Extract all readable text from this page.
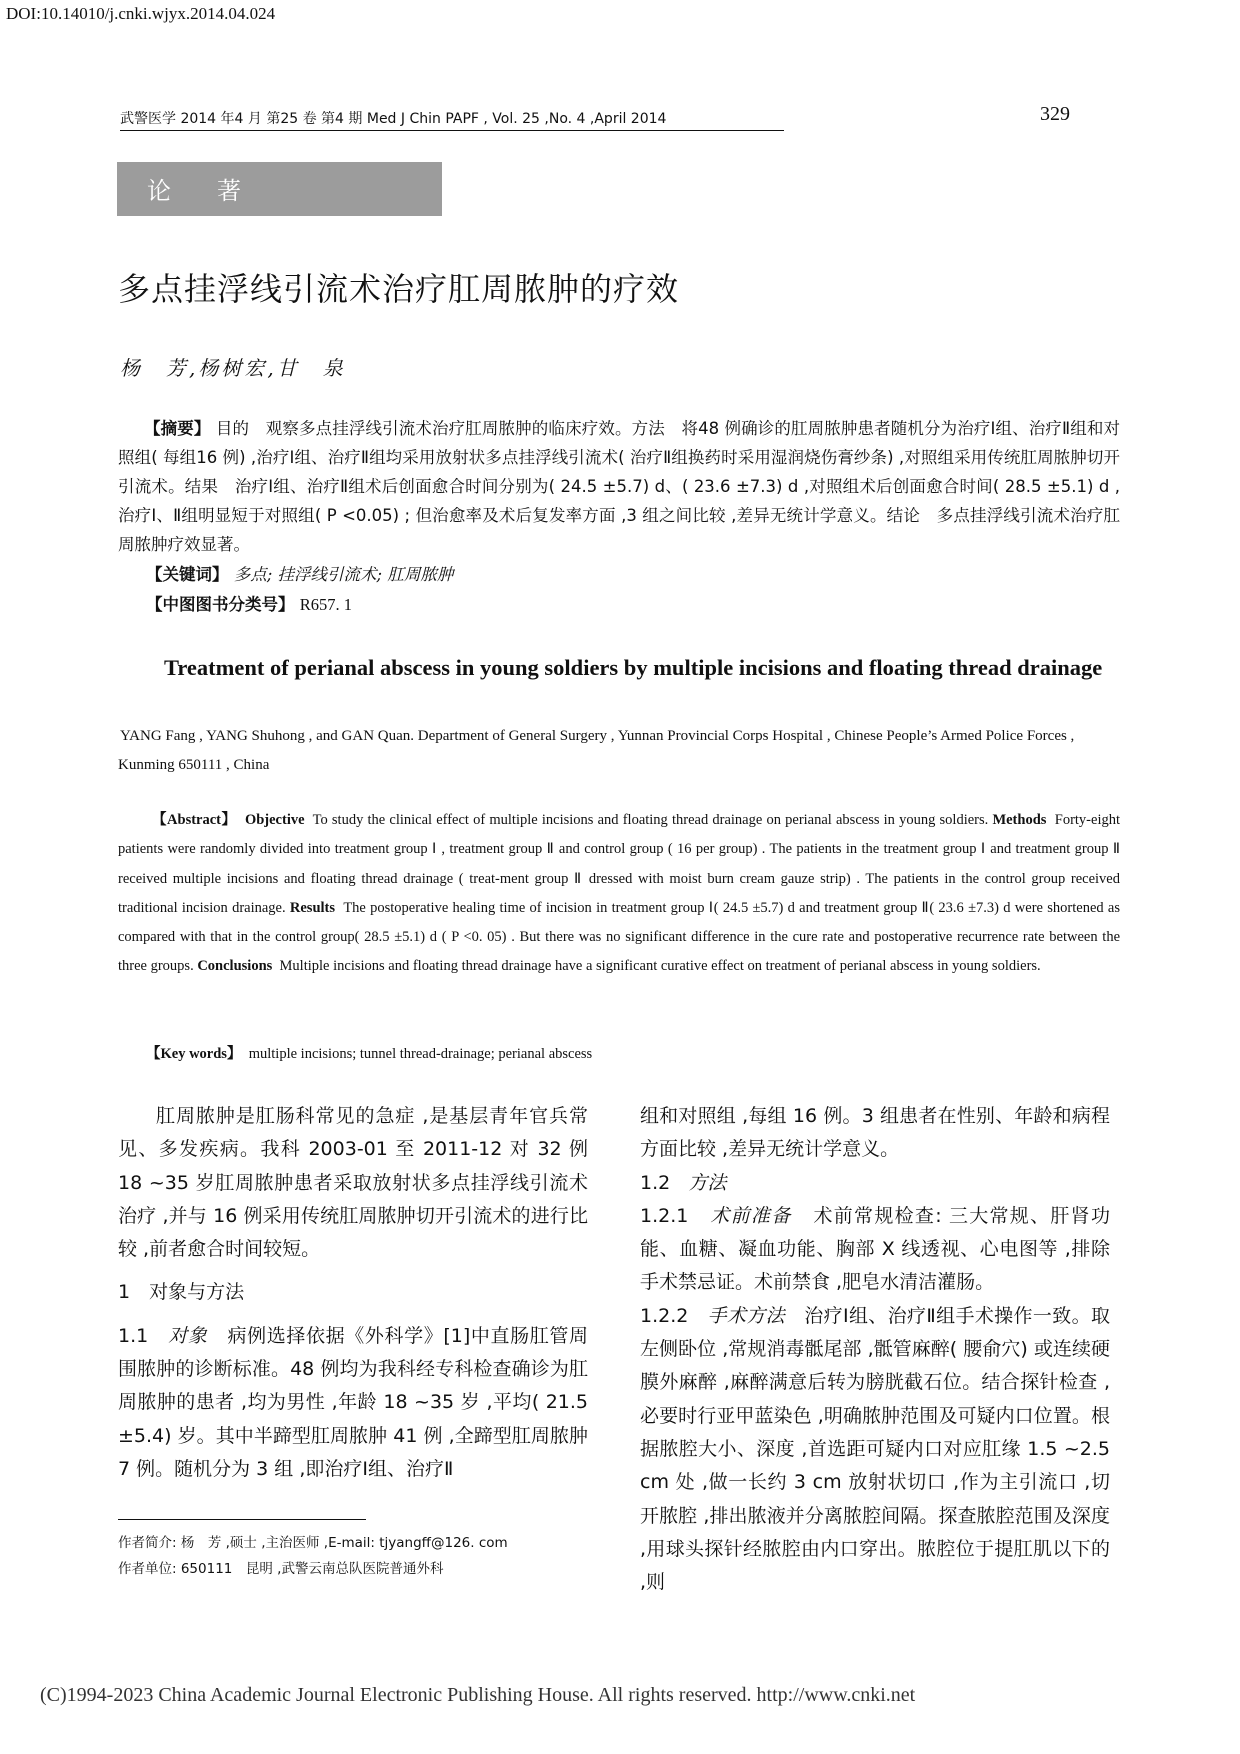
DOI:10.14010/j.cnki.wjyx.2014.04.024
武警医学 2014 年4 月 第25 卷 第4 期 Med J Chin PAPF , Vol. 25 ,No. 4 ,April 2014	329
论著
多点挂浮线引流术治疗肛周脓肿的疗效
杨　芳,杨树宏,甘　泉
【摘要】 目的　观察多点挂浮线引流术治疗肛周脓肿的临床疗效。方法　将48 例确诊的肛周脓肿患者随机分为治疗Ⅰ组、治疗Ⅱ组和对照组( 每组16 例) ,治疗Ⅰ组、治疗Ⅱ组均采用放射状多点挂浮线引流术( 治疗Ⅱ组换药时采用湿润烧伤膏纱条) ,对照组采用传统肛周脓肿切开引流术。结果　治疗Ⅰ组、治疗Ⅱ组术后创面愈合时间分别为( 24.5 ±5.7) d、( 23.6 ±7.3) d ,对照组术后创面愈合时间( 28.5 ±5.1) d ,治疗Ⅰ、Ⅱ组明显短于对照组( P <0.05) ; 但治愈率及术后复发率方面 ,3 组之间比较 ,差异无统计学意义。结论　多点挂浮线引流术治疗肛周脓肿疗效显著。
【关键词】 多点; 挂浮线引流术; 肛周脓肿
【中图图书分类号】 R657. 1
Treatment of perianal abscess in young soldiers by multiple incisions and floating thread drainage
YANG Fang , YANG Shuhong , and GAN Quan. Department of General Surgery , Yunnan Provincial Corps Hospital , Chinese People’s Armed Police Forces , Kunming 650111 , China
【Abstract】 Objective To study the clinical effect of multiple incisions and floating thread drainage on perianal abscess in young soldiers. Methods Forty-eight patients were randomly divided into treatment group Ⅰ , treatment group Ⅱ and control group ( 16 per group) . The patients in the treatment group Ⅰ and treatment group Ⅱ received multiple incisions and floating thread drainage ( treat-ment group Ⅱ dressed with moist burn cream gauze strip) . The patients in the control group received traditional incision drainage. Results The postoperative healing time of incision in treatment group Ⅰ( 24.5 ±5.7) d and treatment group Ⅱ( 23.6 ±7.3) d were shortened as compared with that in the control group( 28.5 ±5.1) d ( P <0. 05) . But there was no significant difference in the cure rate and postoperative recurrence rate between the three groups. Conclusions Multiple incisions and floating thread drainage have a significant curative effect on treatment of perianal abscess in young soldiers.
【Key words】 multiple incisions; tunnel thread-drainage; perianal abscess
肛周脓肿是肛肠科常见的急症 ,是基层青年官兵常见、多发疾病。我科 2003-01 至 2011-12 对 32 例 18 ~35 岁肛周脓肿患者采取放射状多点挂浮线引流术治疗 ,并与 16 例采用传统肛周脓肿切开引流术的进行比较 ,前者愈合时间较短。
1　对象与方法
1.1 对象 病例选择依据《外科学》[1]中直肠肛管周围脓肿的诊断标准。48 例均为我科经专科检查确诊为肛周脓肿的患者 ,均为男性 ,年龄 18 ~35 岁 ,平均( 21.5 ±5.4) 岁。其中半蹄型肛周脓肿 41 例 ,全蹄型肛周脓肿 7 例。随机分为 3 组 ,即治疗Ⅰ组、治疗Ⅱ
组和对照组 ,每组 16 例。3 组患者在性别、年龄和病程方面比较 ,差异无统计学意义。
1.2 方法
1.2.1 术前准备 术前常规检查: 三大常规、肝肾功能、血糖、凝血功能、胸部 X 线透视、心电图等 ,排除手术禁忌证。术前禁食 ,肥皂水清洁灌肠。
1.2.2 手术方法 治疗Ⅰ组、治疗Ⅱ组手术操作一致。取左侧卧位 ,常规消毒骶尾部 ,骶管麻醉( 腰俞穴) 或连续硬膜外麻醉 ,麻醉满意后转为膀胱截石位。结合探针检查 ,必要时行亚甲蓝染色 ,明确脓肿范围及可疑内口位置。根据脓腔大小、深度 ,首选距可疑内口对应肛缘 1.5 ~2.5 cm 处 ,做一长约 3 cm 放射状切口 ,作为主引流口 ,切开脓腔 ,排出脓液并分离脓腔间隔。探查脓腔范围及深度 ,用球头探针经脓腔由内口穿出。脓腔位于提肛肌以下的 ,则
作者简介: 杨　芳 ,硕士 ,主治医师 ,E-mail: tjyangff@126. com
作者单位: 650111　昆明 ,武警云南总队医院普通外科
(C)1994-2023 China Academic Journal Electronic Publishing House. All rights reserved. http://www.cnki.net
